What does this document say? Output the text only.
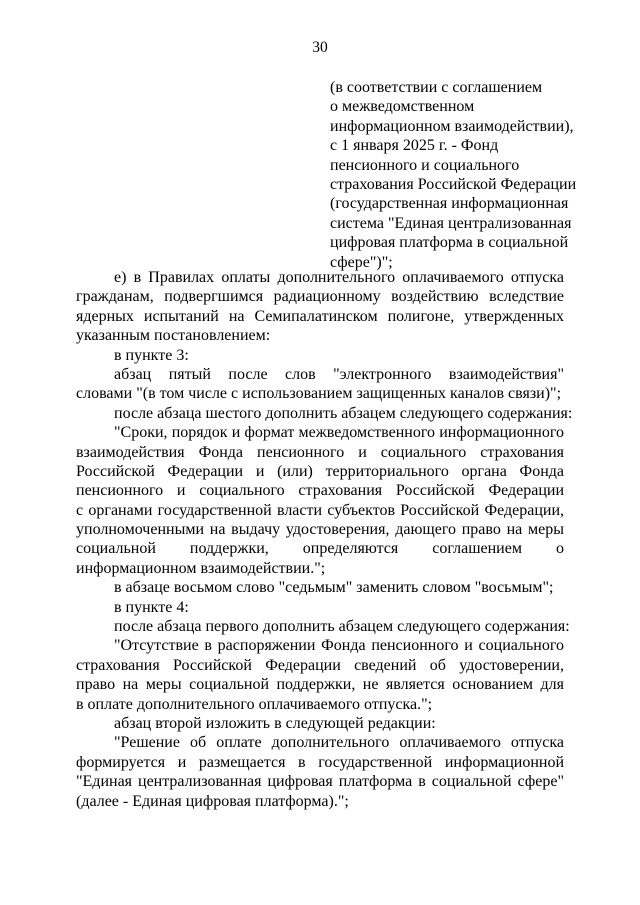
30
(в соответствии с соглашением
о межведомственном
информационном взаимодействии),
с 1 января 2025 г. - Фонд
пенсионного и социального
страхования Российской Федерации
(государственная информационная
система "Единая централизованная
цифровая платформа в социальной
сфере")";
е) в Правилах оплаты дополнительного оплачиваемого отпуска
гражданам, подвергшимся радиационному воздействию вследствие
ядерных испытаний на Семипалатинском полигоне, утвержденных
указанным постановлением:
в пункте 3:
абзац пятый после слов "электронного взаимодействия"
словами "(в том числе с использованием защищенных каналов связи)";
после абзаца шестого дополнить абзацем следующего содержания:
"Сроки, порядок и формат межведомственного информационного
взаимодействия Фонда пенсионного и социального страхования
Российской Федерации и (или) территориального органа Фонда
пенсионного и социального страхования Российской Федерации
с органами государственной власти субъектов Российской Федерации,
уполномоченными на выдачу удостоверения, дающего право на меры
социальной поддержки, определяются соглашением о
информационном взаимодействии.";
в абзаце восьмом слово "седьмым" заменить словом "восьмым";
в пункте 4:
после абзаца первого дополнить абзацем следующего содержания:
"Отсутствие в распоряжении Фонда пенсионного и социального
страхования Российской Федерации сведений об удостоверении,
право на меры социальной поддержки, не является основанием для
в оплате дополнительного оплачиваемого отпуска.";
абзац второй изложить в следующей редакции:
"Решение об оплате дополнительного оплачиваемого отпуска
формируется и размещается в государственной информационной
"Единая централизованная цифровая платформа в социальной сфере"
(далее - Единая цифровая платформа).";
